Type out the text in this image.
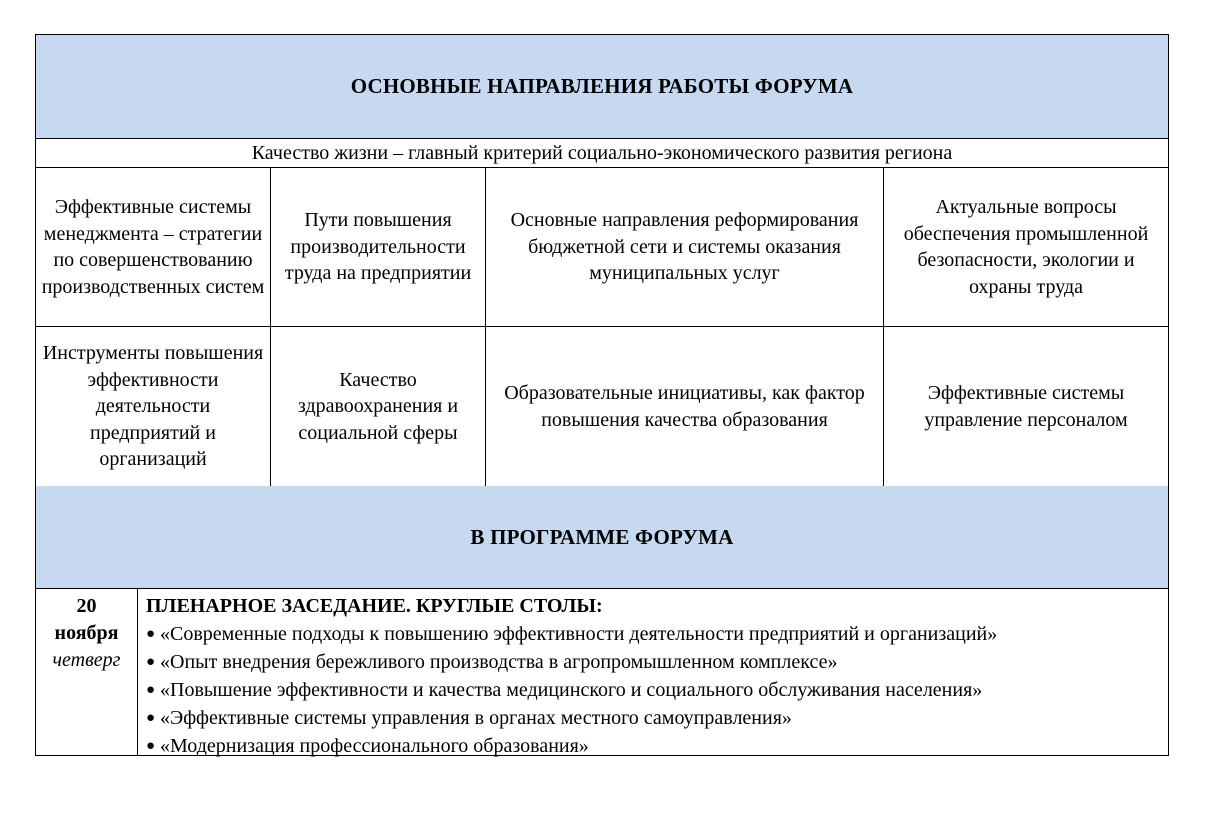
ОСНОВНЫЕ НАПРАВЛЕНИЯ РАБОТЫ ФОРУМА
Качество жизни – главный критерий социально-экономического развития региона
Эффективные системы менеджмента – стратегии по совершенствованию производственных систем
Пути повышения производительности труда на предприятии
Основные направления реформирования бюджетной сети и системы оказания муниципальных услуг
Актуальные вопросы обеспечения промышленной безопасности, экологии и охраны труда
Инструменты повышения эффективности деятельности предприятий и организаций
Качество здравоохранения и социальной сферы
Образовательные инициативы, как фактор повышения качества образования
Эффективные системы управление персоналом
В ПРОГРАММЕ ФОРУМА
20
ноября
четверг
ПЛЕНАРНОЕ ЗАСЕДАНИЕ. КРУГЛЫЕ СТОЛЫ:
● «Современные подходы к повышению эффективности деятельности предприятий и организаций»
● «Опыт внедрения бережливого производства в агропромышленном комплексе»
● «Повышение эффективности и качества медицинского и социального обслуживания населения»
● «Эффективные системы управления в органах местного самоуправления»
● «Модернизация профессионального образования»
